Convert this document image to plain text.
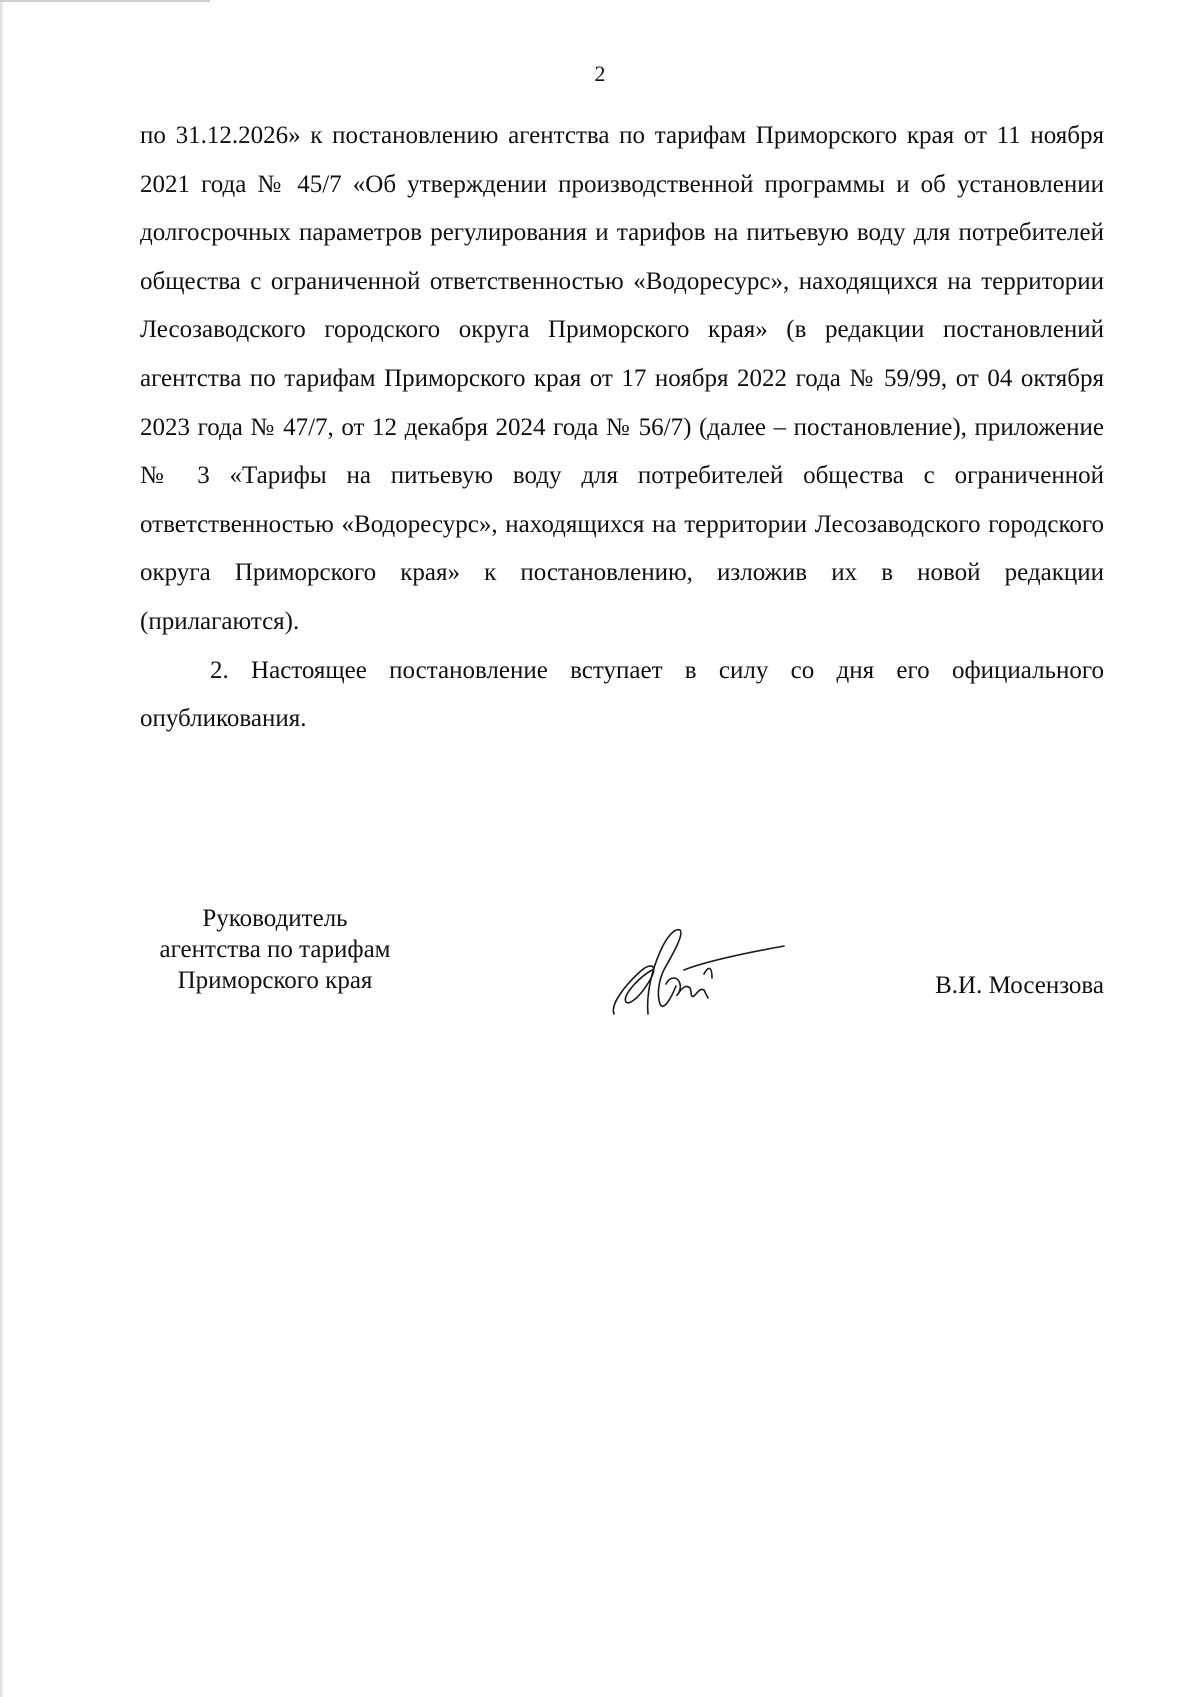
2

по 31.12.2026» к постановлению агентства по тарифам Приморского края от 11 ноября 2021 года № 45/7 «Об утверждении производственной программы и об установлении долгосрочных параметров регулирования и тарифов на питьевую воду для потребителей общества с ограниченной ответственностью «Водоресурс», находящихся на территории Лесозаводского городского округа Приморского края» (в редакции постановлений агентства по тарифам Приморского края от 17 ноября 2022 года № 59/99, от 04 октября 2023 года № 47/7, от 12 декабря 2024 года № 56/7) (далее – постановление), приложение № 3 «Тарифы на питьевую воду для потребителей общества с ограниченной ответственностью «Водоресурс», находящихся на территории Лесозаводского городского округа Приморского края» к постановлению, изложив их в новой редакции (прилагаются).

2. Настоящее постановление вступает в силу со дня его официального опубликования.

Руководитель
агентства по тарифам
Приморского края	В.И. Мосензова
